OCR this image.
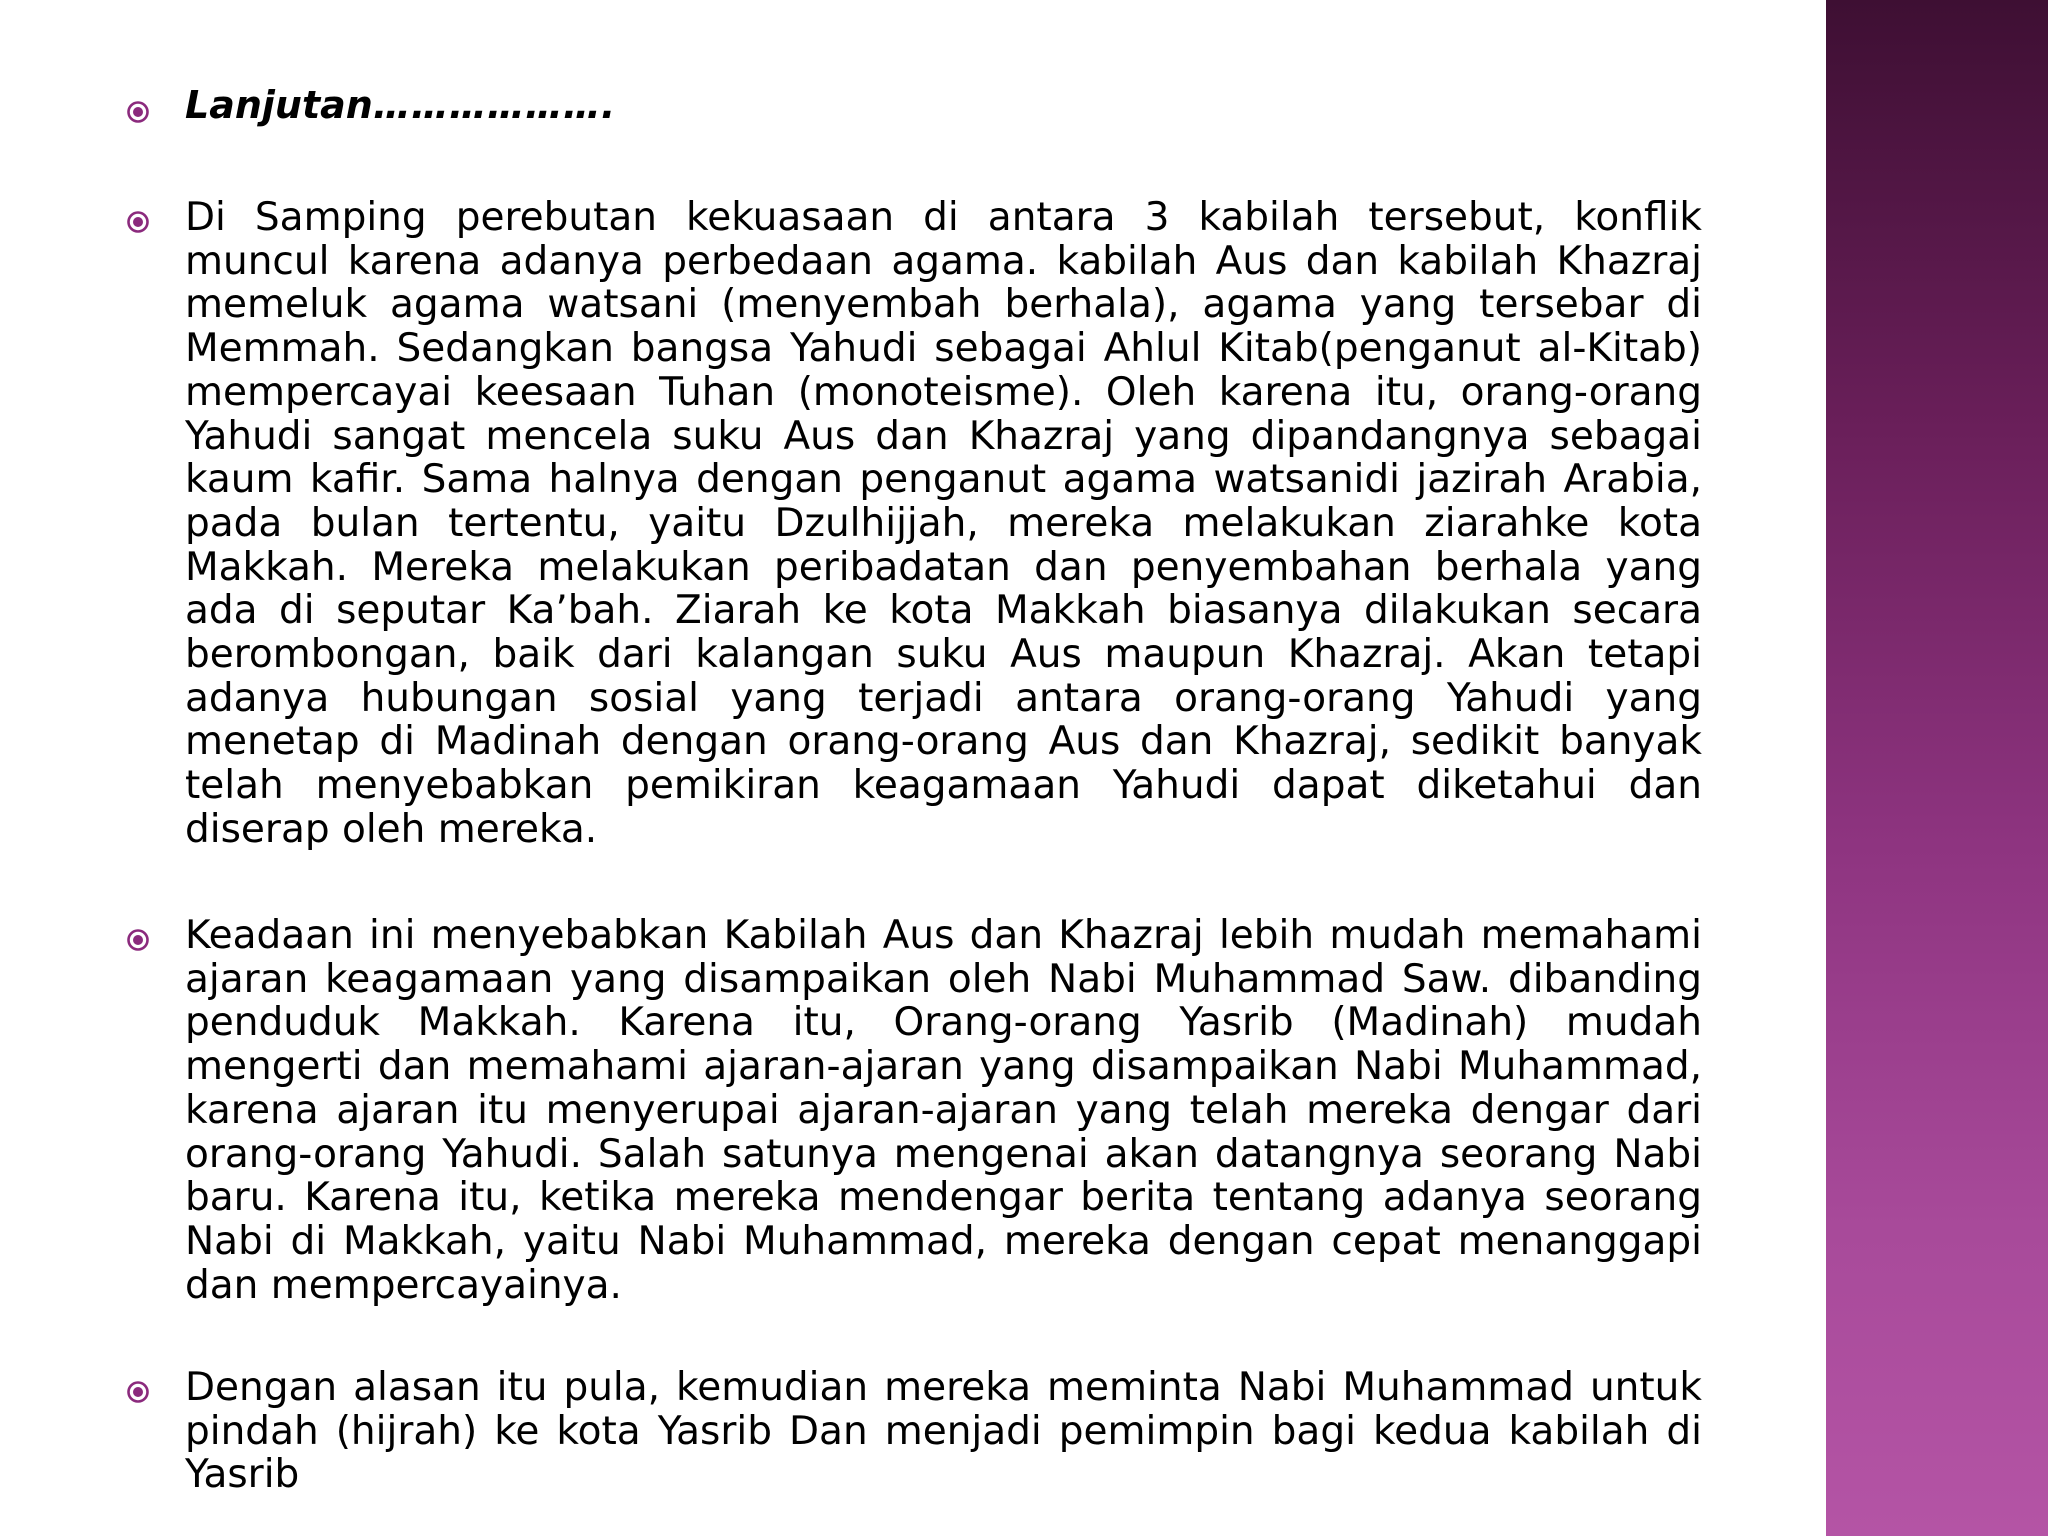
Lanjutan……………….

Di Samping perebutan kekuasaan di antara 3 kabilah tersebut, konflik muncul karena adanya perbedaan agama. kabilah Aus dan kabilah Khazraj memeluk agama watsani (menyembah berhala), agama yang tersebar di Memmah. Sedangkan bangsa Yahudi sebagai Ahlul Kitab(penganut al-Kitab) mempercayai keesaan Tuhan (monoteisme). Oleh karena itu, orang-orang Yahudi sangat mencela suku Aus dan Khazraj yang dipandangnya sebagai kaum kafir. Sama halnya dengan penganut agama watsanidi jazirah Arabia, pada bulan tertentu, yaitu Dzulhijjah, mereka melakukan ziarahke kota Makkah. Mereka melakukan peribadatan dan penyembahan berhala yang ada di seputar Ka’bah. Ziarah ke kota Makkah biasanya dilakukan secara berombongan, baik dari kalangan suku Aus maupun Khazraj. Akan tetapi adanya hubungan sosial yang terjadi antara orang-orang Yahudi yang menetap di Madinah dengan orang-orang Aus dan Khazraj, sedikit banyak telah menyebabkan pemikiran keagamaan Yahudi dapat diketahui dan diserap oleh mereka.

Keadaan ini menyebabkan Kabilah Aus dan Khazraj lebih mudah memahami ajaran keagamaan yang disampaikan oleh Nabi Muhammad Saw. dibanding penduduk Makkah. Karena itu, Orang-orang Yasrib (Madinah) mudah mengerti dan memahami ajaran-ajaran yang disampaikan Nabi Muhammad, karena ajaran itu menyerupai ajaran-ajaran yang telah mereka dengar dari orang-orang Yahudi. Salah satunya mengenai akan datangnya seorang Nabi baru. Karena itu, ketika mereka mendengar berita tentang adanya seorang Nabi di Makkah, yaitu Nabi Muhammad, mereka dengan cepat menanggapi dan mempercayainya.

Dengan alasan itu pula, kemudian mereka meminta Nabi Muhammad untuk pindah (hijrah) ke kota Yasrib Dan menjadi pemimpin bagi kedua kabilah di Yasrib
